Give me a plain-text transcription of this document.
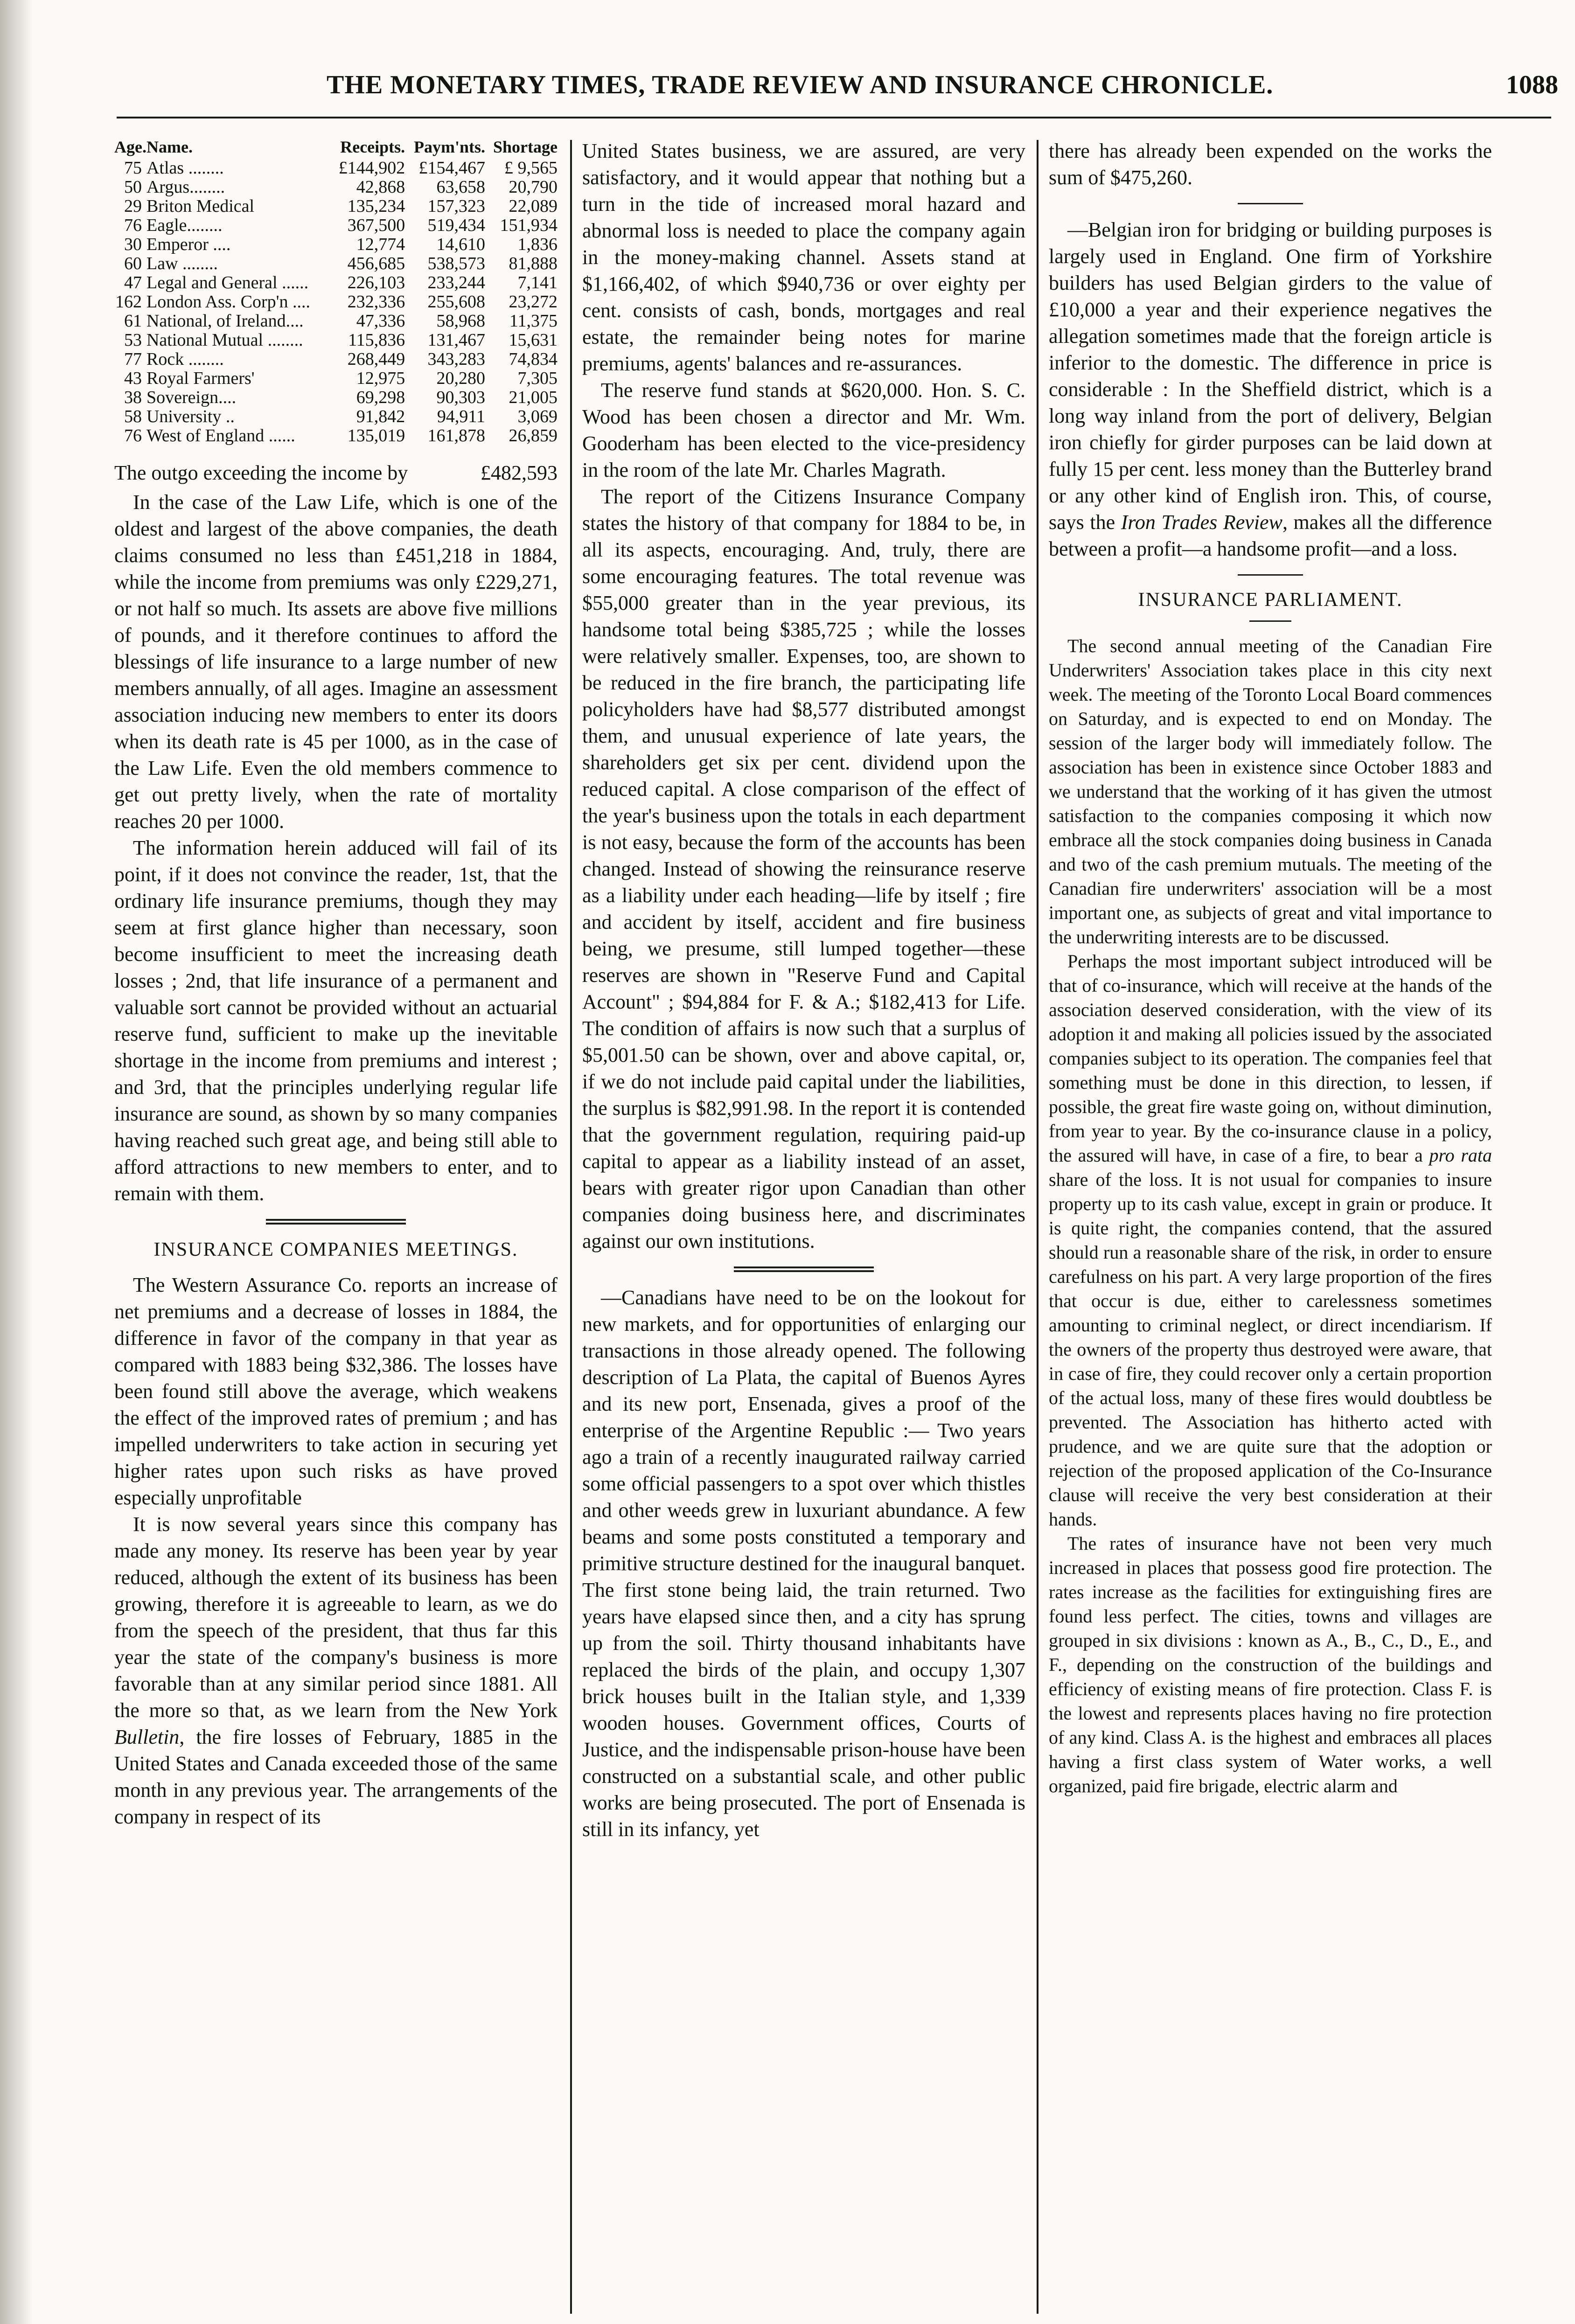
THE MONETARY TIMES, TRADE REVIEW AND INSURANCE CHRONICLE.	1088
Age.	Name.	Receipts.	Paym'nts.	Shortage
75	Atlas ........	£144,902	£154,467	£ 9,565
50	Argus........	42,868	63,658	20,790
29	Briton Medical	135,234	157,323	22,089
76	Eagle........	367,500	519,434	151,934
30	Emperor ....	12,774	14,610	1,836
60	Law ........	456,685	538,573	81,888
47	Legal and General ......	226,103	233,244	7,141
162	London Ass. Corp'n ....	232,336	255,608	23,272
61	National, of Ireland....	47,336	58,968	11,375
53	National Mutual ........	115,836	131,467	15,631
77	Rock ........	268,449	343,283	74,834
43	Royal Farmers'	12,975	20,280	7,305
38	Sovereign....	69,298	90,303	21,005
58	University ..	91,842	94,911	3,069
76	West of England ......	135,019	161,878	26,859
The outgo exceeding the income by	£482,593

In the case of the Law Life, which is one of the oldest and largest of the above companies, the death claims consumed no less than £451,218 in 1884, while the income from premiums was only £229,271, or not half so much. Its assets are above five millions of pounds, and it therefore continues to afford the blessings of life insurance to a large number of new members annually, of all ages. Imagine an assessment association inducing new members to enter its doors when its death rate is 45 per 1000, as in the case of the Law Life. Even the old members commence to get out pretty lively, when the rate of mortality reaches 20 per 1000.

The information herein adduced will fail of its point, if it does not convince the reader, 1st, that the ordinary life insurance premiums, though they may seem at first glance higher than necessary, soon become insufficient to meet the increasing death losses ; 2nd, that life insurance of a permanent and valuable sort cannot be provided without an actuarial reserve fund, sufficient to make up the inevitable shortage in the income from premiums and interest ; and 3rd, that the principles underlying regular life insurance are sound, as shown by so many companies having reached such great age, and being still able to afford attractions to new members to enter, and to remain with them.

INSURANCE COMPANIES MEETINGS.

The Western Assurance Co. reports an increase of net premiums and a decrease of losses in 1884, the difference in favor of the company in that year as compared with 1883 being $32,386. The losses have been found still above the average, which weakens the effect of the improved rates of premium ; and has impelled underwriters to take action in securing yet higher rates upon such risks as have proved especially unprofitable

It is now several years since this company has made any money. Its reserve has been year by year reduced, although the extent of its business has been growing, therefore it is agreeable to learn, as we do from the speech of the president, that thus far this year the state of the company's business is more favorable than at any similar period since 1881. All the more so that, as we learn from the New York Bulletin, the fire losses of February, 1885 in the United States and Canada exceeded those of the same month in any previous year. The arrangements of the company in respect of its

United States business, we are assured, are very satisfactory, and it would appear that nothing but a turn in the tide of increased moral hazard and abnormal loss is needed to place the company again in the money-making channel. Assets stand at $1,166,402, of which $940,736 or over eighty per cent. consists of cash, bonds, mortgages and real estate, the remainder being notes for marine premiums, agents' balances and re-assurances.

The reserve fund stands at $620,000. Hon. S. C. Wood has been chosen a director and Mr. Wm. Gooderham has been elected to the vice-presidency in the room of the late Mr. Charles Magrath.

The report of the Citizens Insurance Company states the history of that company for 1884 to be, in all its aspects, encouraging. And, truly, there are some encouraging features. The total revenue was $55,000 greater than in the year previous, its handsome total being $385,725 ; while the losses were relatively smaller. Expenses, too, are shown to be reduced in the fire branch, the participating life policyholders have had $8,577 distributed amongst them, and unusual experience of late years, the shareholders get six per cent. dividend upon the reduced capital. A close comparison of the effect of the year's business upon the totals in each department is not easy, because the form of the accounts has been changed. Instead of showing the reinsurance reserve as a liability under each heading—life by itself ; fire and accident by itself, accident and fire business being, we presume, still lumped together—these reserves are shown in "Reserve Fund and Capital Account" ; $94,884 for F. & A.; $182,413 for Life. The condition of affairs is now such that a surplus of $5,001.50 can be shown, over and above capital, or, if we do not include paid capital under the liabilities, the surplus is $82,991.98. In the report it is contended that the government regulation, requiring paid-up capital to appear as a liability instead of an asset, bears with greater rigor upon Canadian than other companies doing business here, and discriminates against our own institutions.

—Canadians have need to be on the lookout for new markets, and for opportunities of enlarging our transactions in those already opened. The following description of La Plata, the capital of Buenos Ayres and its new port, Ensenada, gives a proof of the enterprise of the Argentine Republic :— Two years ago a train of a recently inaugurated railway carried some official passengers to a spot over which thistles and other weeds grew in luxuriant abundance. A few beams and some posts constituted a temporary and primitive structure destined for the inaugural banquet. The first stone being laid, the train returned. Two years have elapsed since then, and a city has sprung up from the soil. Thirty thousand inhabitants have replaced the birds of the plain, and occupy 1,307 brick houses built in the Italian style, and 1,339 wooden houses. Government offices, Courts of Justice, and the indispensable prison-house have been constructed on a substantial scale, and other public works are being prosecuted. The port of Ensenada is still in its infancy, yet

there has already been expended on the works the sum of $475,260.

—Belgian iron for bridging or building purposes is largely used in England. One firm of Yorkshire builders has used Belgian girders to the value of £10,000 a year and their experience negatives the allegation sometimes made that the foreign article is inferior to the domestic. The difference in price is considerable : In the Sheffield district, which is a long way inland from the port of delivery, Belgian iron chiefly for girder purposes can be laid down at fully 15 per cent. less money than the Butterley brand or any other kind of English iron. This, of course, says the Iron Trades Review, makes all the difference between a profit—a handsome profit—and a loss.

INSURANCE PARLIAMENT.

The second annual meeting of the Canadian Fire Underwriters' Association takes place in this city next week. The meeting of the Toronto Local Board commences on Saturday, and is expected to end on Monday. The session of the larger body will immediately follow. The association has been in existence since October 1883 and we understand that the working of it has given the utmost satisfaction to the companies composing it which now embrace all the stock companies doing business in Canada and two of the cash premium mutuals. The meeting of the Canadian fire underwriters' association will be a most important one, as subjects of great and vital importance to the underwriting interests are to be discussed.

Perhaps the most important subject introduced will be that of co-insurance, which will receive at the hands of the association deserved consideration, with the view of its adoption it and making all policies issued by the associated companies subject to its operation. The companies feel that something must be done in this direction, to lessen, if possible, the great fire waste going on, without diminution, from year to year. By the co-insurance clause in a policy, the assured will have, in case of a fire, to bear a pro rata share of the loss. It is not usual for companies to insure property up to its cash value, except in grain or produce. It is quite right, the companies contend, that the assured should run a reasonable share of the risk, in order to ensure carefulness on his part. A very large proportion of the fires that occur is due, either to carelessness sometimes amounting to criminal neglect, or direct incendiarism. If the owners of the property thus destroyed were aware, that in case of fire, they could recover only a certain proportion of the actual loss, many of these fires would doubtless be prevented. The Association has hitherto acted with prudence, and we are quite sure that the adoption or rejection of the proposed application of the Co-Insurance clause will receive the very best consideration at their hands.

The rates of insurance have not been very much increased in places that possess good fire protection. The rates increase as the facilities for extinguishing fires are found less perfect. The cities, towns and villages are grouped in six divisions : known as A., B., C., D., E., and F., depending on the construction of the buildings and efficiency of existing means of fire protection. Class F. is the lowest and represents places having no fire protection of any kind. Class A. is the highest and embraces all places having a first class system of Water works, a well organized, paid fire brigade, electric alarm and
